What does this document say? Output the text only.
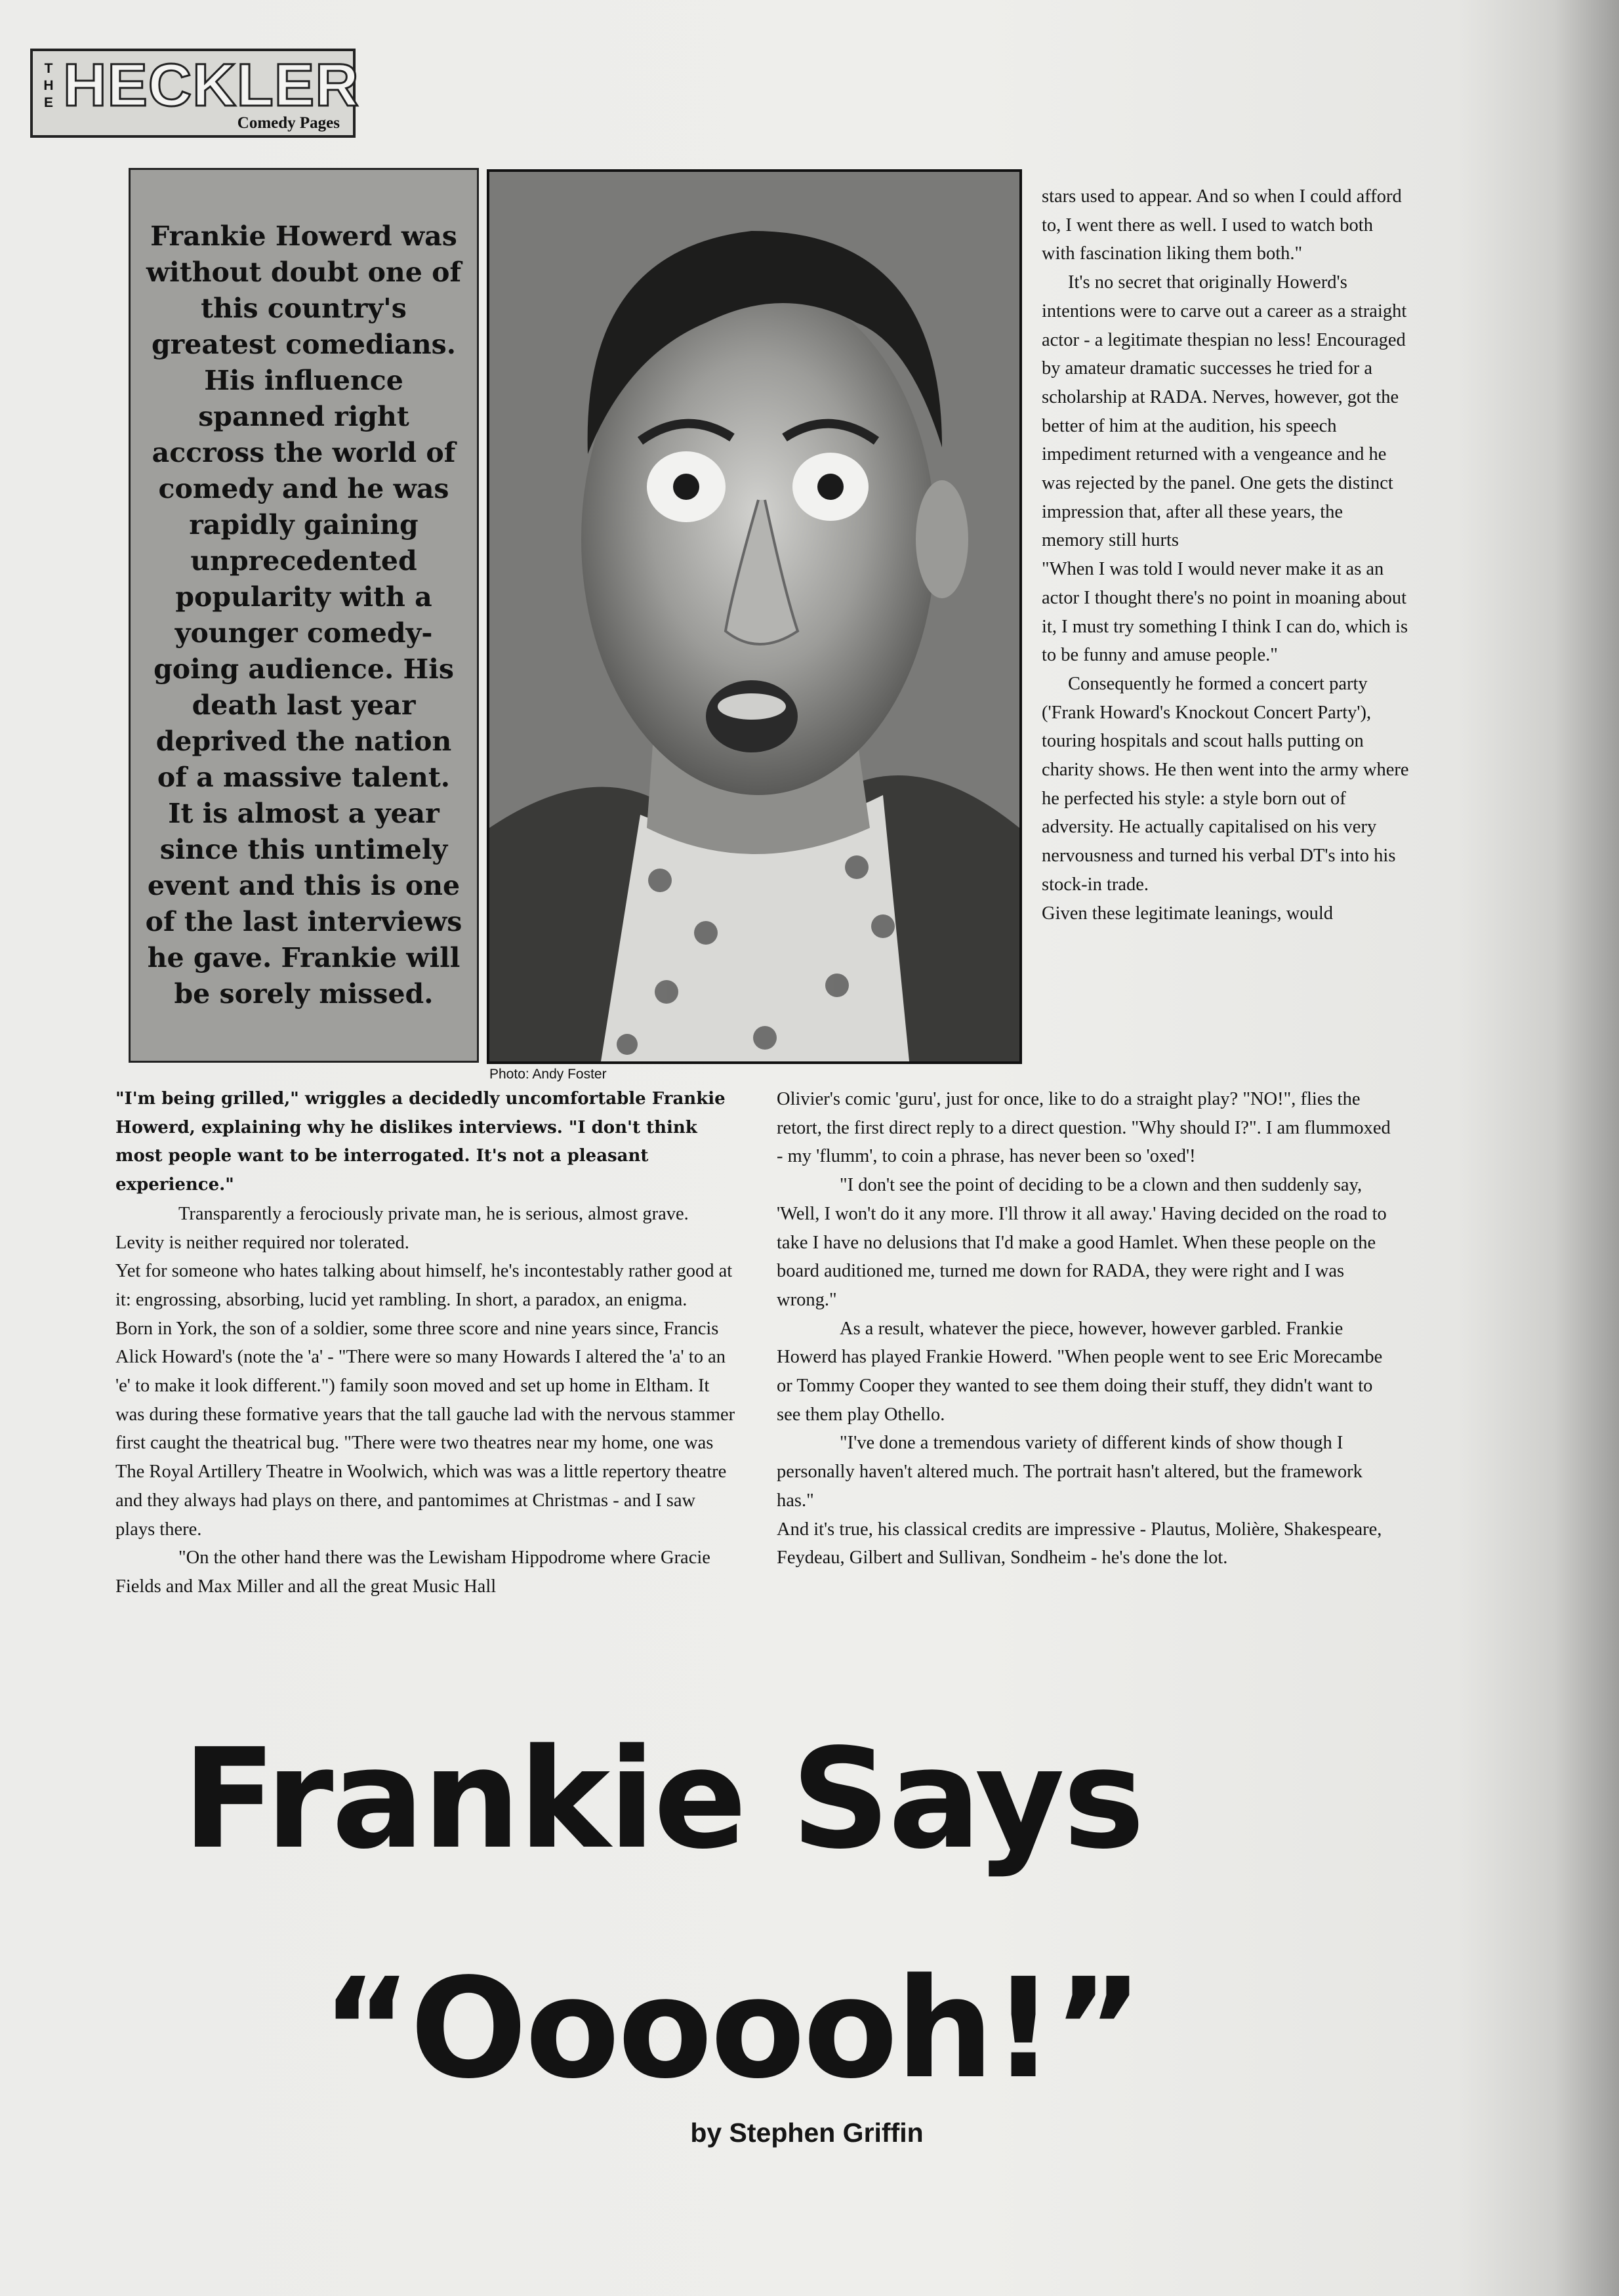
T
H
E HECKLER
Comedy Pages
Frankie Howerd was without doubt one of this country's greatest comedians. His influence spanned right accross the world of comedy and he was rapidly gaining unprecedented popularity with a younger comedy-going audience. His death last year deprived the nation of a massive talent. It is almost a year since this untimely event and this is one of the last interviews he gave. Frankie will be sorely missed.
Photo: Andy Foster

stars used to appear. And so when I could afford to, I went there as well. I used to watch both with fascination liking them both."

It's no secret that originally Howerd's intentions were to carve out a career as a straight actor - a legitimate thespian no less! Encouraged by amateur dramatic successes he tried for a scholarship at RADA. Nerves, however, got the better of him at the audition, his speech impediment returned with a vengeance and he was rejected by the panel. One gets the distinct impression that, after all these years, the memory still hurts

"When I was told I would never make it as an actor I thought there's no point in moaning about it, I must try something I think I can do, which is to be funny and amuse people."

Consequently he formed a concert party ('Frank Howard's Knockout Concert Party'), touring hospitals and scout halls putting on charity shows. He then went into the army where he perfected his style: a style born out of adversity. He actually capitalised on his very nervousness and turned his verbal DT's into his stock-in trade.

Given these legitimate leanings, would

"I'm being grilled," wriggles a decidedly uncomfortable Frankie Howerd, explaining why he dislikes interviews. "I don't think most people want to be interrogated. It's not a pleasant experience."

Transparently a ferociously private man, he is serious, almost grave. Levity is neither required nor tolerated.

Yet for someone who hates talking about himself, he's incontestably rather good at it: engrossing, absorbing, lucid yet rambling. In short, a paradox, an enigma.

Born in York, the son of a soldier, some three score and nine years since, Francis Alick Howard's (note the 'a' - "There were so many Howards I altered the 'a' to an 'e' to make it look different.") family soon moved and set up home in Eltham. It was during these formative years that the tall gauche lad with the nervous stammer first caught the theatrical bug. "There were two theatres near my home, one was The Royal Artillery Theatre in Woolwich, which was was a little repertory theatre and they always had plays on there, and pantomimes at Christmas - and I saw plays there.

"On the other hand there was the Lewisham Hippodrome where Gracie Fields and Max Miller and all the great Music Hall

Olivier's comic 'guru', just for once, like to do a straight play? "NO!", flies the retort, the first direct reply to a direct question. "Why should I?". I am flummoxed - my 'flumm', to coin a phrase, has never been so 'oxed'!

"I don't see the point of deciding to be a clown and then suddenly say, 'Well, I won't do it any more. I'll throw it all away.' Having decided on the road to take I have no delusions that I'd make a good Hamlet. When these people on the board auditioned me, turned me down for RADA, they were right and I was wrong."

As a result, whatever the piece, however, however garbled. Frankie Howerd has played Frankie Howerd. "When people went to see Eric Morecambe or Tommy Cooper they wanted to see them doing their stuff, they didn't want to see them play Othello.

"I've done a tremendous variety of different kinds of show though I personally haven't altered much. The portrait hasn't altered, but the framework has."

And it's true, his classical credits are impressive - Plautus, Molière, Shakespeare, Feydeau, Gilbert and Sullivan, Sondheim - he's done the lot.

Frankie Says
“Oooooh!”
by Stephen Griffin
